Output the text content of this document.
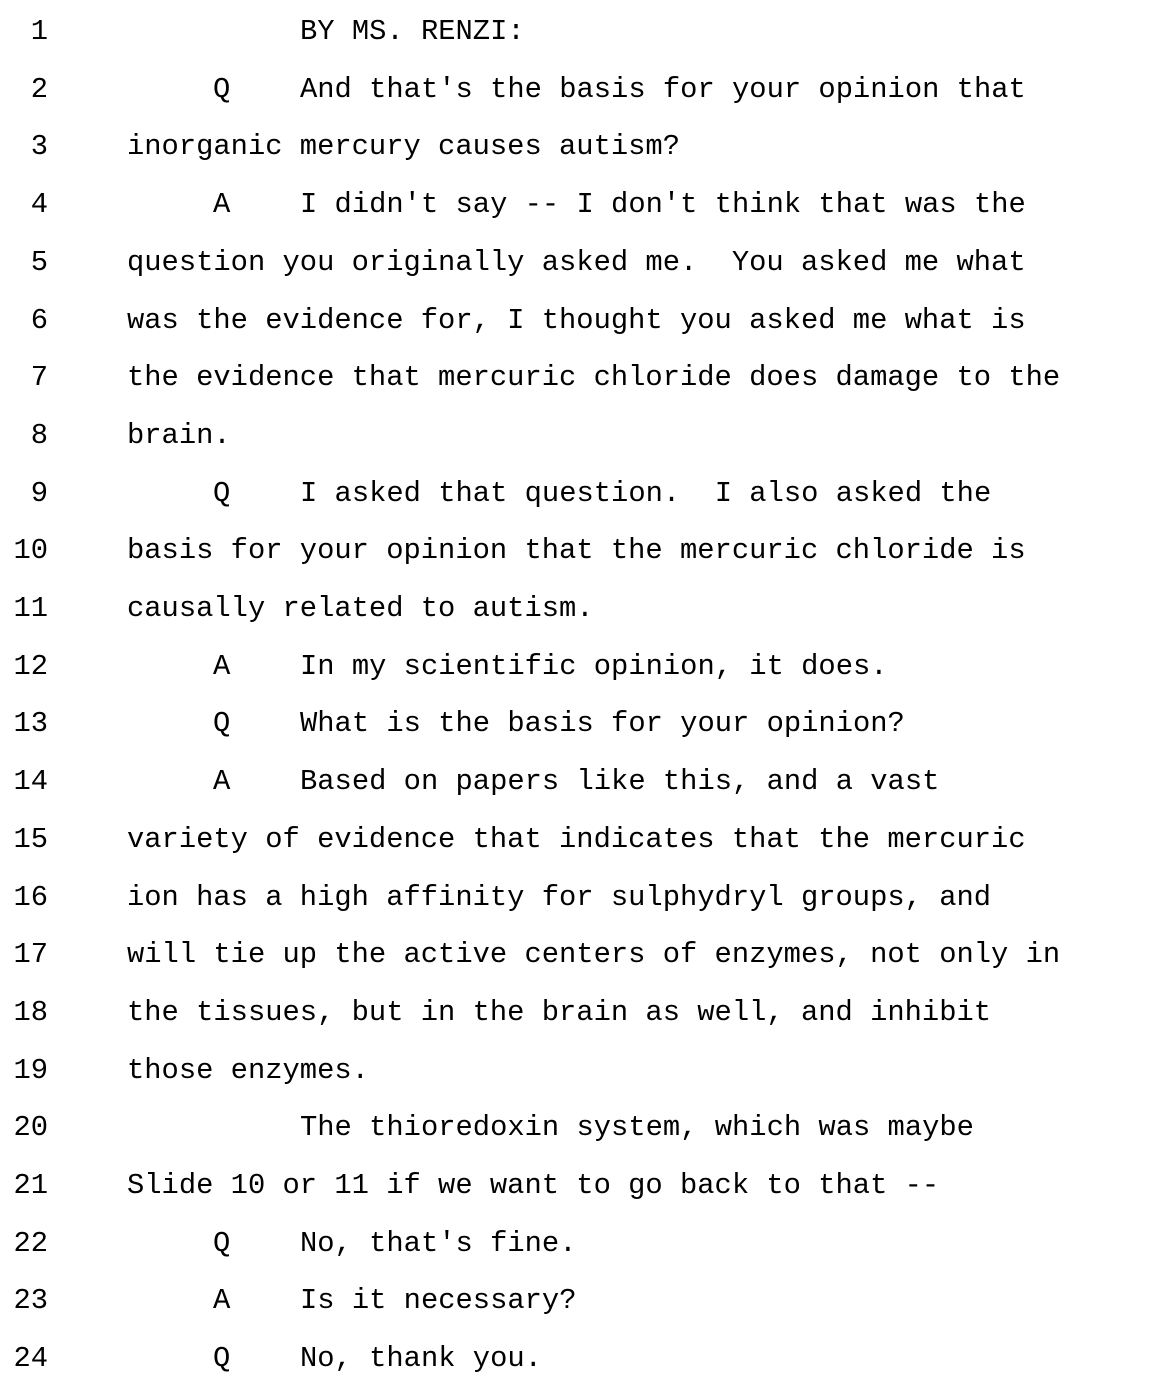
1	BY MS. RENZI:
2	Q And that's the basis for your opinion that
3	inorganic mercury causes autism?
4	A I didn't say -- I don't think that was the
5	question you originally asked me.  You asked me what
6	was the evidence for, I thought you asked me what is
7	the evidence that mercuric chloride does damage to the
8	brain.
9	Q I asked that question.  I also asked the
10	basis for your opinion that the mercuric chloride is
11	causally related to autism.
12	A In my scientific opinion, it does.
13	Q What is the basis for your opinion?
14	A Based on papers like this, and a vast
15	variety of evidence that indicates that the mercuric
16	ion has a high affinity for sulphydryl groups, and
17	will tie up the active centers of enzymes, not only in
18	the tissues, but in the brain as well, and inhibit
19	those enzymes.
20	The thioredoxin system, which was maybe
21	Slide 10 or 11 if we want to go back to that --
22	Q No, that's fine.
23	A Is it necessary?
24	Q No, thank you.
